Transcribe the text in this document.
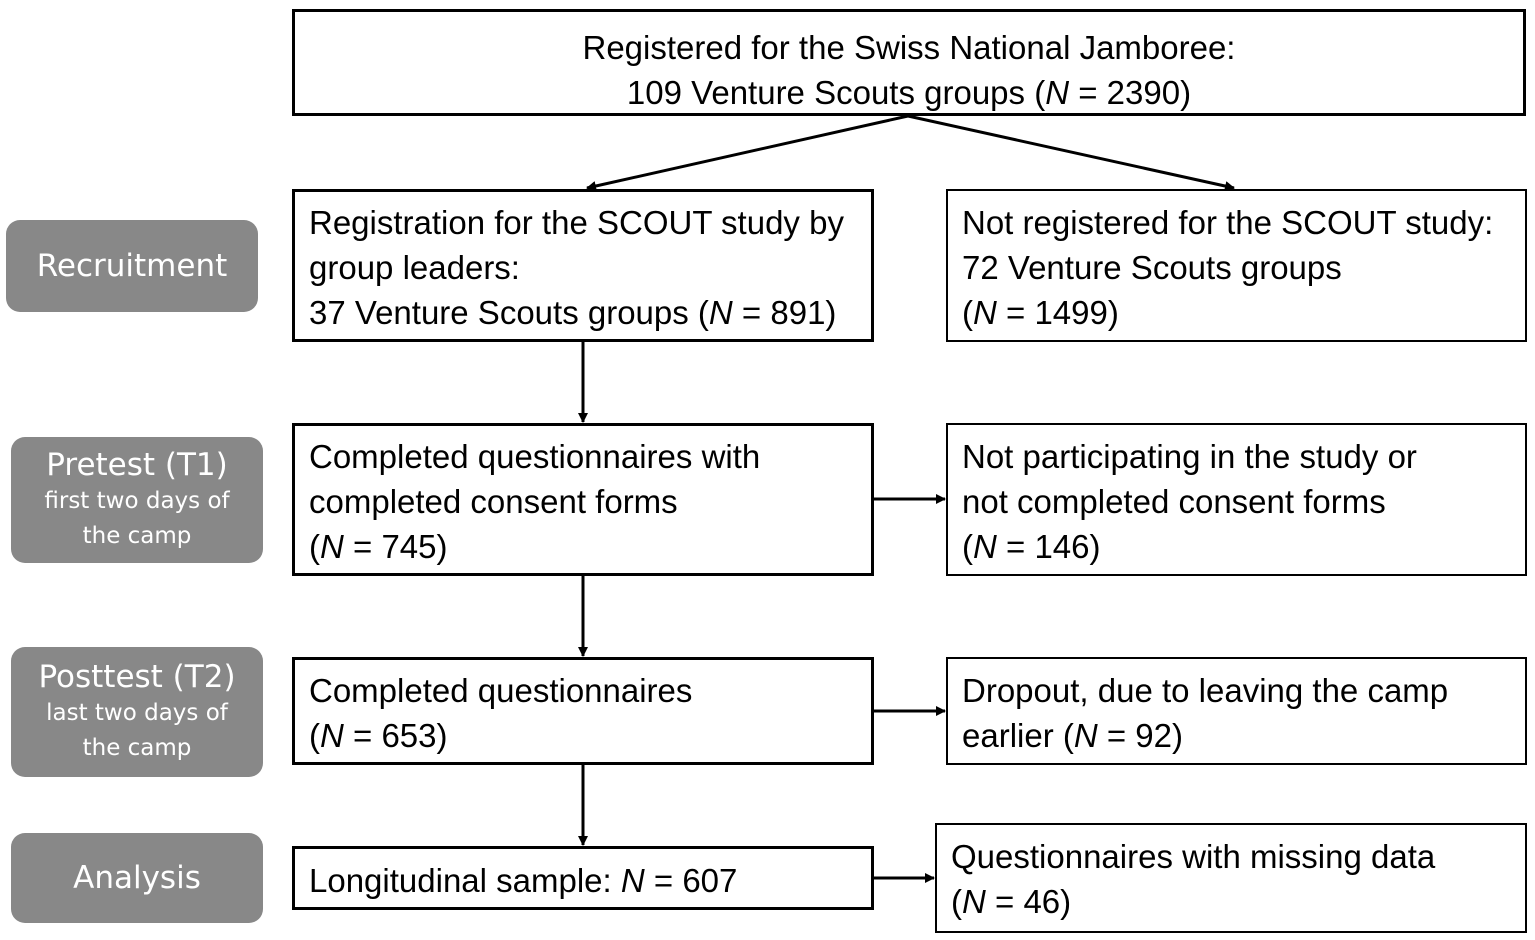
Recruitment
Pretest (T1)
first two days of
the camp
Posttest (T2)
last two days of
the camp
Analysis
Registered for the Swiss National Jamboree:
109 Venture Scouts groups (N = 2390)
Registration for the SCOUT study by
group leaders:
37 Venture Scouts groups (N = 891)
Completed questionnaires with
completed consent forms
(N = 745)
Completed questionnaires
(N = 653)
Longitudinal sample: N = 607
Not registered for the SCOUT study:
72 Venture Scouts groups
(N = 1499)
Not participating in the study or
not completed consent forms
(N = 146)
Dropout, due to leaving the camp
earlier (N = 92)
Questionnaires with missing data
(N = 46)
